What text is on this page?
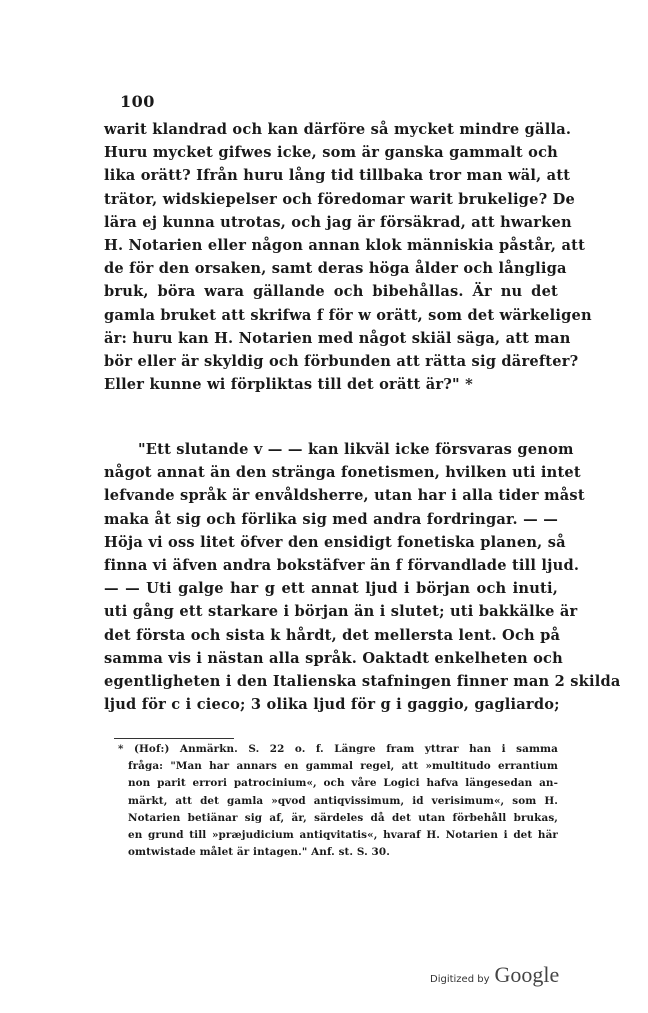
100
warit klandrad och kan därföre så mycket mindre gälla.
Huru mycket gifwes icke, som är ganska gammalt och
lika orätt? Ifrån huru lång tid tillbaka tror man wäl, att
trätor, widskiepelser och föredomar warit brukelige? De
lära ej kunna utrotas, och jag är försäkrad, att hwarken
H. Notarien eller någon annan klok människia påstår, att
de för den orsaken, samt deras höga ålder och långliga
bruk, böra wara gällande och bibehållas. Är nu det
gamla bruket att skrifwa f för w orätt, som det wärkeligen
är: huru kan H. Notarien med något skiäl säga, att man
bör eller är skyldig och förbunden att rätta sig därefter?
Eller kunne wi förpliktas till det orätt är?" *
"Ett slutande v — — kan likväl icke försvaras genom
något annat än den stränga fonetismen, hvilken uti intet
lefvande språk är envåldsherre, utan har i alla tider måst
maka åt sig och förlika sig med andra fordringar. — —
Höja vi oss litet öfver den ensidigt fonetiska planen, så
finna vi äfven andra bokstäfver än f förvandlade till ljud.
— — Uti galge har g ett annat ljud i början och inuti,
uti gång ett starkare i början än i slutet; uti bakkälke är
det första och sista k hårdt, det mellersta lent. Och på
samma vis i nästan alla språk. Oaktadt enkelheten och
egentligheten i den Italienska stafningen finner man 2 skilda
ljud för c i cieco; 3 olika ljud för g i gaggio, gagliardo;
* (Hof:) Anmärkn. S. 22 o. f. Längre fram yttrar han i samma
fråga: "Man har annars en gammal regel, att »multitudo errantium
non parit errori patrocinium«, och våre Logici hafva längesedan an-
märkt, att det gamla »qvod antiqvissimum, id verisimum«, som H.
Notarien betiänar sig af, är, särdeles då det utan förbehåll brukas,
en grund till »præjudicium antiqvitatis«, hvaraf H. Notarien i det här
omtwistade målet är intagen." Anf. st. S. 30.
Digitized by Google
